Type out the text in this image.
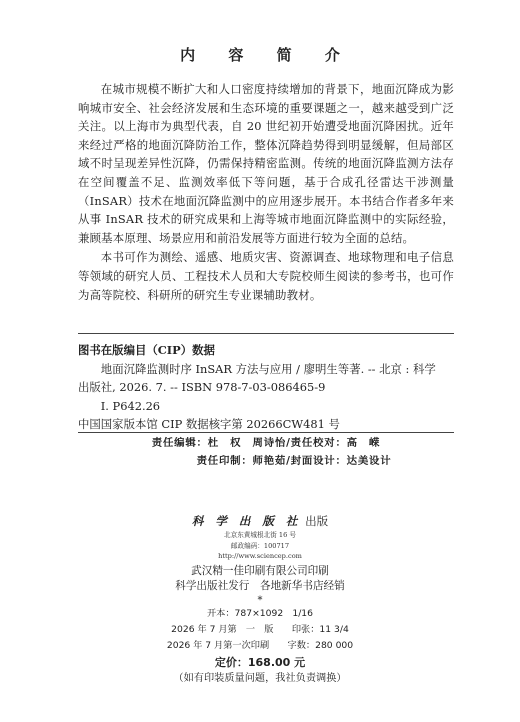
内 容 简 介

在城市规模不断扩大和人口密度持续增加的背景下，地面沉降成为影响城市安全、社会经济发展和生态环境的重要课题之一，越来越受到广泛关注。以上海市为典型代表，自 20 世纪初开始遭受地面沉降困扰。近年来经过严格的地面沉降防治工作，整体沉降趋势得到明显缓解，但局部区域不时呈现差异性沉降，仍需保持精密监测。传统的地面沉降监测方法存在空间覆盖不足、监测效率低下等问题，基于合成孔径雷达干涉测量（InSAR）技术在地面沉降监测中的应用逐步展开。本书结合作者多年来从事 InSAR 技术的研究成果和上海等城市地面沉降监测中的实际经验，兼顾基本原理、场景应用和前沿发展等方面进行较为全面的总结。

本书可作为测绘、遥感、地质灾害、资源调查、地球物理和电子信息等领域的研究人员、工程技术人员和大专院校师生阅读的参考书，也可作为高等院校、科研所的研究生专业课辅助教材。

图书在版编目（CIP）数据
地面沉降监测时序 InSAR 方法与应用 / 廖明生等著. -- 北京 : 科学
出版社, 2026. 7. -- ISBN 978-7-03-086465-9
I. P642.26
中国国家版本馆 CIP 数据核字第 20266CW481 号
责任编辑：杜　权　周诗怡/责任校对：高　嵘
责任印制：师艳茹/封面设计：达美设计
科 学 出 版 社 出版
北京东黄城根北街 16 号
邮政编码：100717
http://www.sciencep.com
武汉精一佳印刷有限公司印刷
科学出版社发行　各地新华书店经销
*
开本：787×1092　1/16
2026 年 7 月第　一　版　　印张：11 3/4
2026 年 7 月第一次印刷　　字数：280 000
定价：168.00 元
（如有印装质量问题，我社负责调换）
